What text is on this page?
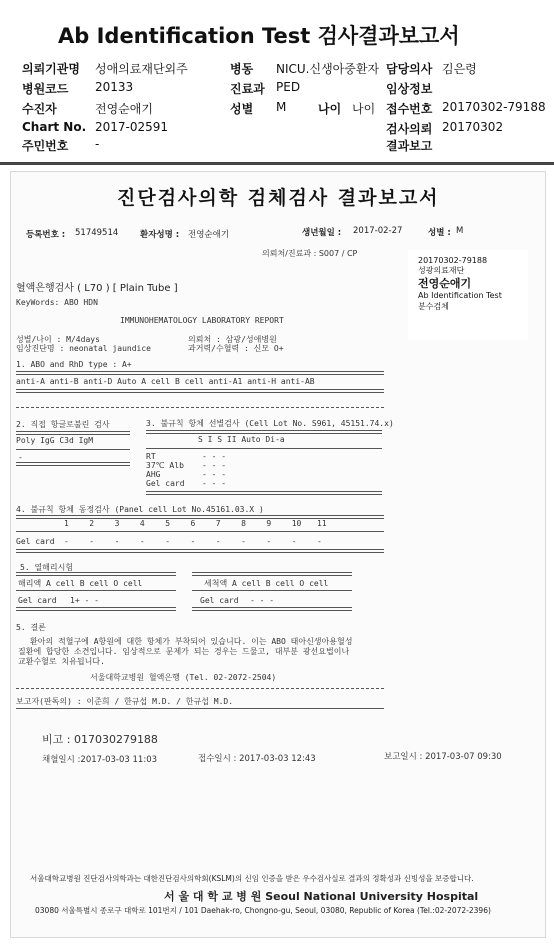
Ab Identification Test 검사결과보고서
의뢰기관명 성애의료재단외주	병동 NICU.신생아중환자 담당의사 김은령
병원코드 20133	진료과 PED	임상정보
수진자	전영순애기	성별 M	나이 나이 접수번호 20170302-79188
Chart No. 2017-02591	검사의뢰 20170302
주민번호 -	결과보고
진단검사의학 검체검사 결과보고서
등록번호 : 51749514	환자성명 : 전영순애기	생년월일 : 2017-02-27	성별 : M
의뢰처/진료과 : S007 / CP
20170302-79188
성광의료재단
전영순애기
Ab Identification Test
분수검체
혈액은행검사 ( L70 ) [ Plain Tube ]
KeyWords: ABO HDN
IMMUNOHEMATOLOGY LABORATORY REPORT
성별/나이 : M/4days
임상진단명 : neonatal jaundice
의뢰처 : 삼광/성애병원
과거력/수혈력 : 신모 O+
1. ABO and RhD type : A+
anti-A anti-B anti-D Auto A cell B cell anti-A1 anti-H anti-AB
2. 직접 항글로불린 검사
Poly IgG C3d IgM
-
3. 불규칙 항체 선별검사 (Cell Lot No. S961, 45151.74.x)
S I S II Auto Di-a
RT	- - -
37℃ Alb - - -
AHG	- - -
Gel card - - -
4. 불규칙 항체 동정검사 (Panel cell Lot No.45161.03.X )
1	2	3	4	5	6	7	8	9	10 11
Gel card -	-	-	-	-	-	-	-	-	-	-
5. 열해리시험
해리액 A cell B cell O cell	세척액 A cell B cell O cell
Gel card 1+ - -	Gel card - - -
5. 결론
환아의 적혈구에 A항원에 대한 항체가 부착되어 있습니다. 이는 ABO 태아신생아용혈성
질환에 합당한 소견입니다. 임상적으로 문제가 되는 경우는 드물고, 대부분 광선요법이나
교환수혈로 치유됩니다.
서울대학교병원 혈액은행 (Tel. 02-2072-2504)
보고자(판독의) : 이준희 / 한규섭 M.D. / 한규섭 M.D.
비고 : 017030279188
채혈일시 :2017-03-03 11:03	접수일시 : 2017-03-03 12:43	보고일시 : 2017-03-07 09:30
서울대학교병원 진단검사의학과는 대한진단검사의학회(KSLM)의 신임 인증을 받은 우수검사실로 결과의 정확성과 신빙성을 보증합니다.
서 울 대 학 교 병 원 Seoul National University Hospital
03080 서울특별시 종로구 대학로 101번지 / 101 Daehak-ro, Chongno-gu, Seoul, 03080, Republic of Korea (Tel.:02-2072-2396)
